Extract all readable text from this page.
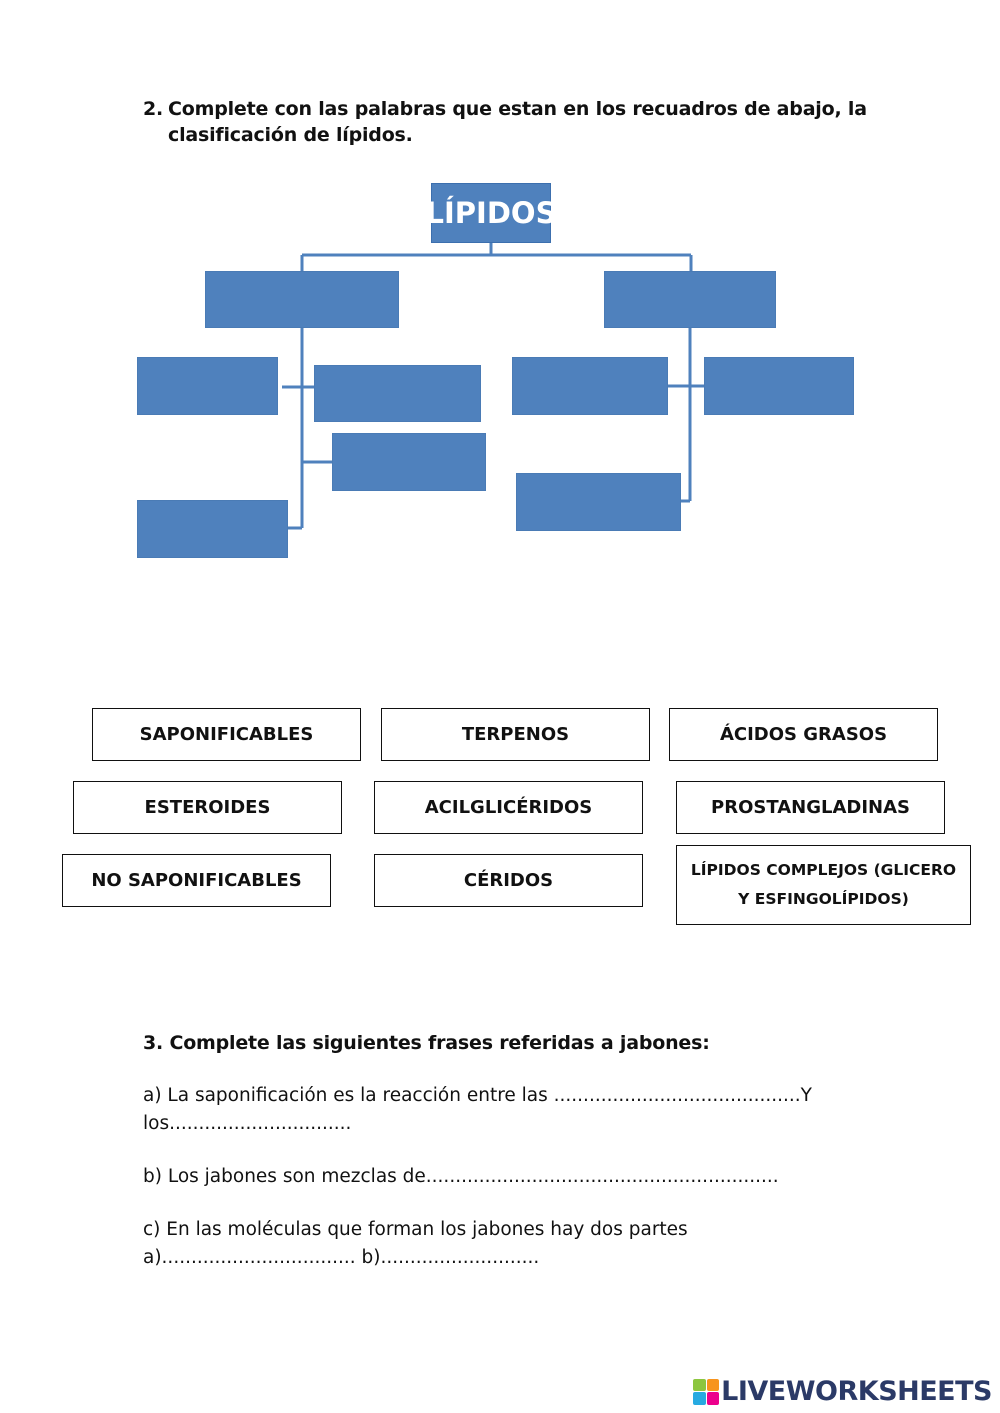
2. Complete con las palabras que estan en los recuadros de abajo, la clasificación de lípidos.
LÍPIDOS
SAPONIFICABLES	TERPENOS	ÁCIDOS GRASOS
ESTEROIDES	ACILGLICÉRIDOS	PROSTANGLADINAS
NO SAPONIFICABLES	CÉRIDOS	LÍPIDOS COMPLEJOS (GLICERO Y ESFINGOLÍPIDOS)
3. Complete las siguientes frases referidas a jabones:
a) La saponificación es la reacción entre las ..........................................Y
los...............................
b) Los jabones son mezclas de............................................................
c) En las moléculas que forman los jabones hay dos partes
a)................................. b)...........................
LIVEWORKSHEETS
